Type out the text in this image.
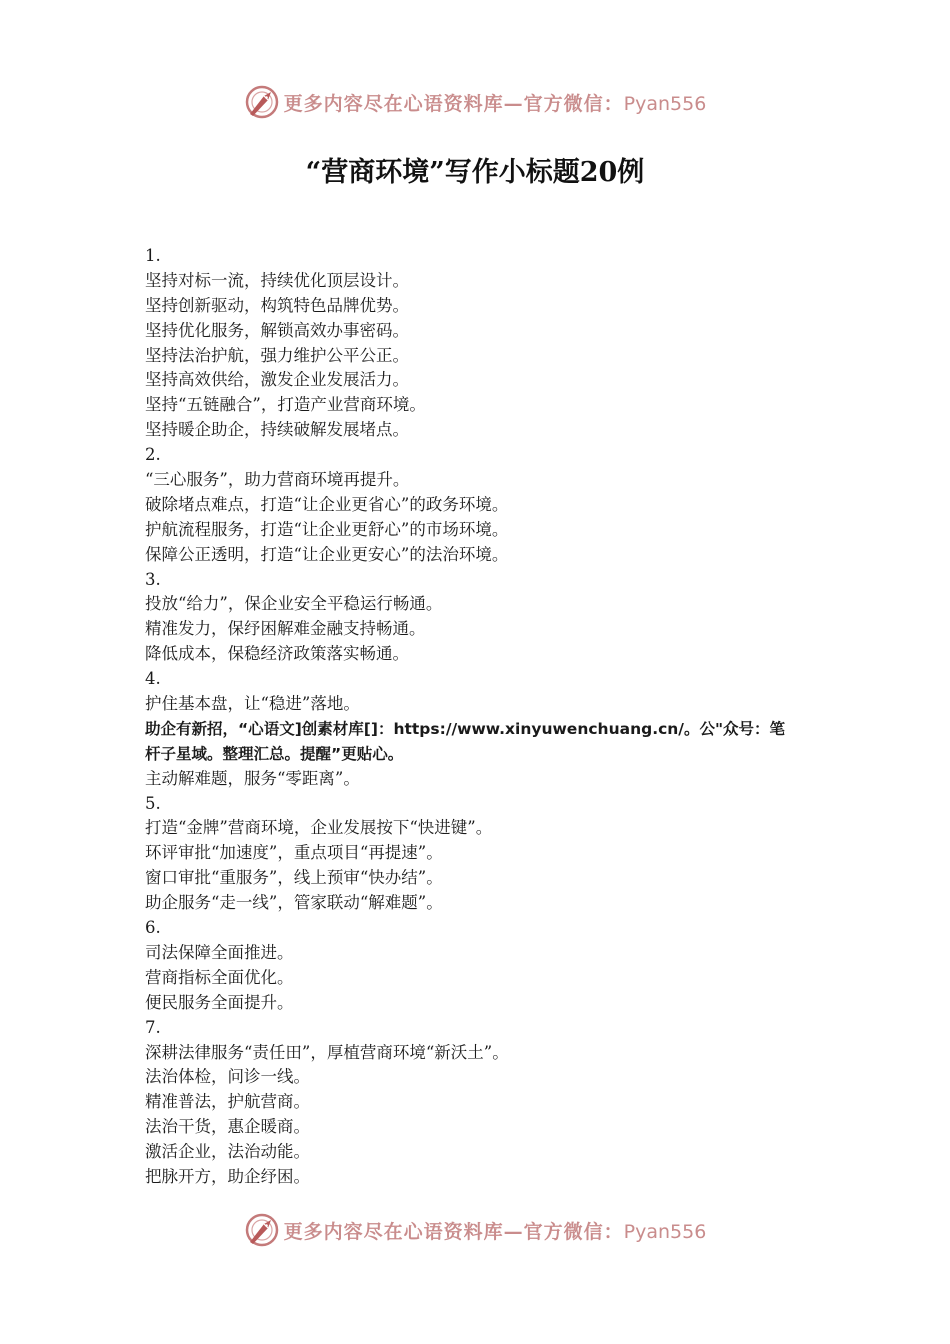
更多内容尽在心语资料库—官方微信：Pyan556
“营商环境”写作小标题20例
1.
坚持对标一流，持续优化顶层设计。
坚持创新驱动，构筑特色品牌优势。
坚持优化服务，解锁高效办事密码。
坚持法治护航，强力维护公平公正。
坚持高效供给，激发企业发展活力。
坚持“五链融合”，打造产业营商环境。
坚持暖企助企，持续破解发展堵点。
2.
“三心服务”，助力营商环境再提升。
破除堵点难点，打造“让企业更省心”的政务环境。
护航流程服务，打造“让企业更舒心”的市场环境。
保障公正透明，打造“让企业更安心”的法治环境。
3.
投放“给力”，保企业安全平稳运行畅通。
精准发力，保纾困解难金融支持畅通。
降低成本，保稳经济政策落实畅通。
4.
护住基本盘，让“稳进”落地。
助企有新招，“心语文]创素材库[]：https://www.xinyuwenchuang.cn/。公"众号：笔
杆子星域。整理汇总。提醒”更贴心。
主动解难题，服务“零距离”。
5.
打造“金牌”营商环境，企业发展按下“快进键”。
环评审批“加速度”，重点项目“再提速”。
窗口审批“重服务”，线上预审“快办结”。
助企服务“走一线”，管家联动“解难题”。
6.
司法保障全面推进。
营商指标全面优化。
便民服务全面提升。
7.
深耕法律服务“责任田”，厚植营商环境“新沃土”。
法治体检，问诊一线。
精准普法，护航营商。
法治干货，惠企暖商。
激活企业，法治动能。
把脉开方，助企纾困。
更多内容尽在心语资料库—官方微信：Pyan556
